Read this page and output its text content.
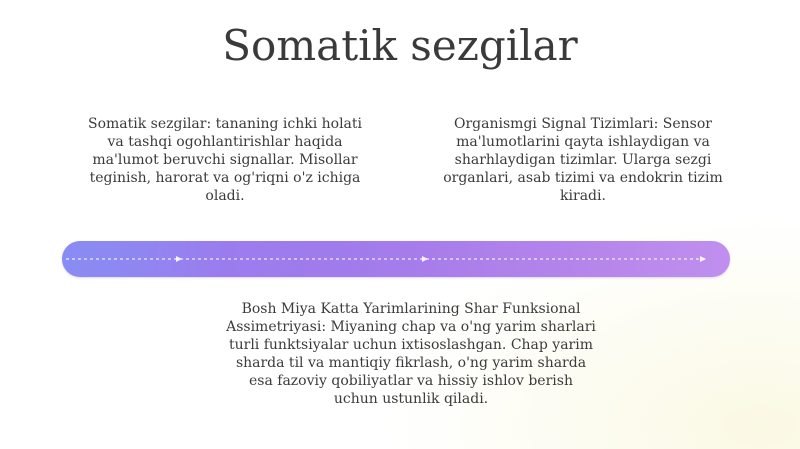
Somatik sezgilar
Somatik sezgilar: tananing ichki holati va tashqi ogohlantirishlar haqida ma'lumot beruvchi signallar. Misollar teginish, harorat va og'riqni o'z ichiga oladi.
Organismgi Signal Tizimlari: Sensor ma'lumotlarini qayta ishlaydigan va sharhlaydigan tizimlar. Ularga sezgi organlari, asab tizimi va endokrin tizim kiradi.
Bosh Miya Katta Yarimlarining Shar Funksional Assimetriyasi: Miyaning chap va o'ng yarim sharlari turli funktsiyalar uchun ixtisoslashgan. Chap yarim sharda til va mantiqiy fikrlash, o'ng yarim sharda esa fazoviy qobiliyatlar va hissiy ishlov berish uchun ustunlik qiladi.
